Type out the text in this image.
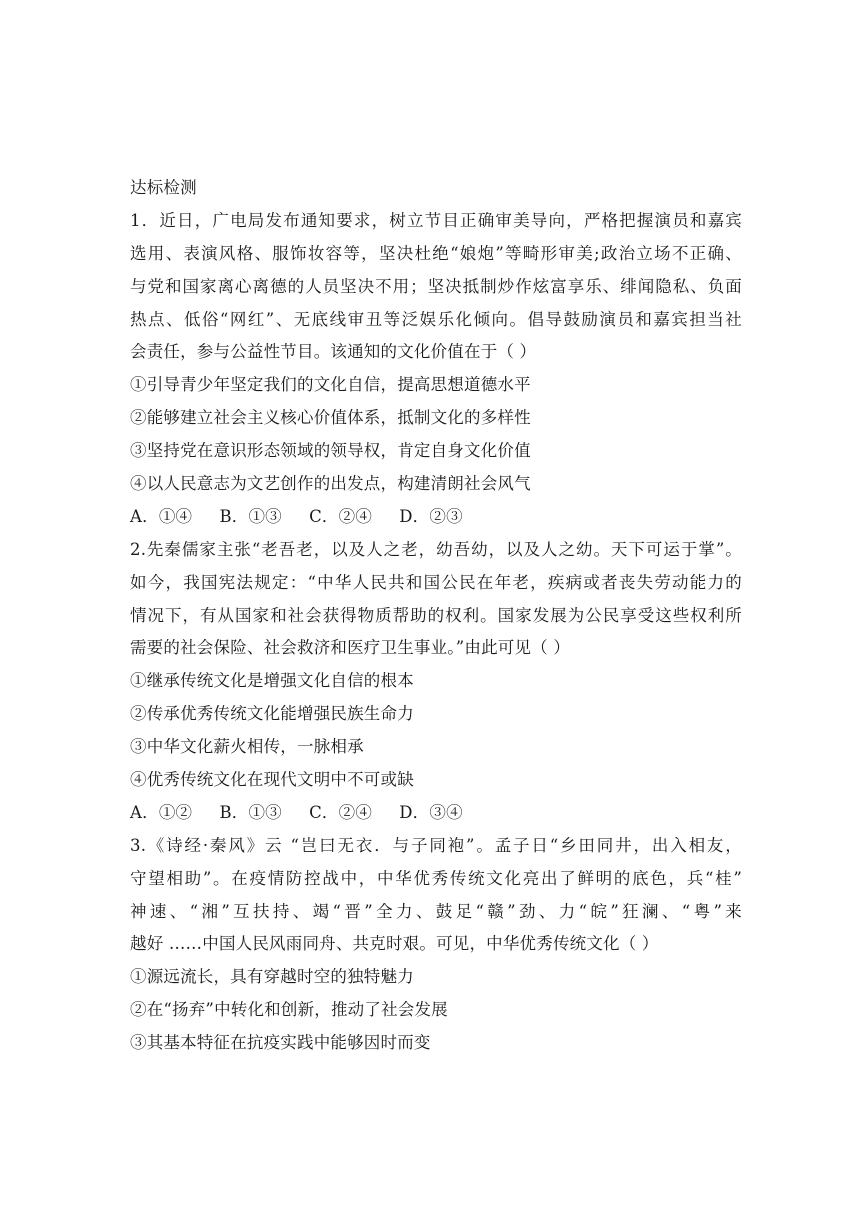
达标检测
1．近日，广电局发布通知要求，树立节目正确审美导向，严格把握演员和嘉宾
选用、表演风格、服饰妆容等，坚决杜绝“娘炮”等畸形审美;政治立场不正确、
与党和国家离心离德的人员坚决不用；坚决抵制炒作炫富享乐、绯闻隐私、负面
热点、低俗“网红”、无底线审丑等泛娱乐化倾向。倡导鼓励演员和嘉宾担当社
会责任，参与公益性节目。该通知的文化价值在于（ ）
①引导青少年坚定我们的文化自信，提高思想道德水平
②能够建立社会主义核心价值体系，抵制文化的多样性
③坚持党在意识形态领域的领导权，肯定自身文化价值
④以人民意志为文艺创作的出发点，构建清朗社会风气
A．①④     B．①③     C．②④     D．②③
2.先秦儒家主张“老吾老，以及人之老，幼吾幼，以及人之幼。天下可运于掌”。
如今，我国宪法规定：“中华人民共和国公民在年老，疾病或者丧失劳动能力的
情况下，有从国家和社会获得物质帮助的权利。国家发展为公民享受这些权利所
需要的社会保险、社会救济和医疗卫生事业。”由此可见（ ）
①继承传统文化是增强文化自信的根本
②传承优秀传统文化能增强民族生命力
③中华文化薪火相传，一脉相承
④优秀传统文化在现代文明中不可或缺
A．①②     B．①③     C．②④     D．③④
3.《诗经·秦风》云 “岂曰无衣．与子同袍”。孟子日“乡田同井，出入相友，
守望相助”。在疫情防控战中，中华优秀传统文化亮出了鲜明的底色，兵“桂”
神速、“湘”互扶持、竭“晋”全力、鼓足“赣”劲、力“皖”狂澜、“粤”来
越好 ……中国人民风雨同舟、共克时艰。可见，中华优秀传统文化（ ）
①源远流长，具有穿越时空的独特魅力
②在“扬弃”中转化和创新，推动了社会发展
③其基本特征在抗疫实践中能够因时而变
